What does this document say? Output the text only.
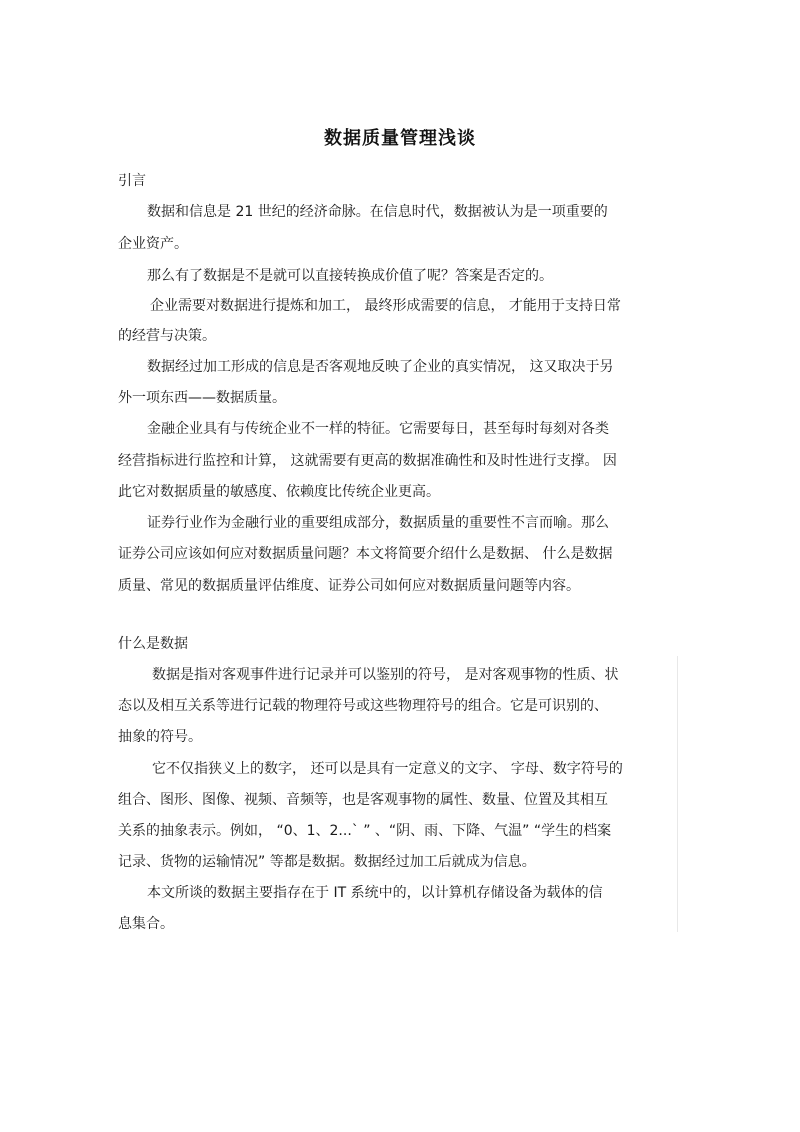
数据质量管理浅谈
引言
数据和信息是 21 世纪的经济命脉。在信息时代，数据被认为是一项重要的
企业资产。
那么有了数据是不是就可以直接转换成价值了呢？答案是否定的。
企业需要对数据进行提炼和加工， 最终形成需要的信息， 才能用于支持日常
的经营与决策。
数据经过加工形成的信息是否客观地反映了企业的真实情况， 这又取决于另
外一项东西——数据质量。
金融企业具有与传统企业不一样的特征。它需要每日，甚至每时每刻对各类
经营指标进行监控和计算， 这就需要有更高的数据准确性和及时性进行支撑。 因
此它对数据质量的敏感度、依赖度比传统企业更高。
证券行业作为金融行业的重要组成部分，数据质量的重要性不言而喻。那么
证券公司应该如何应对数据质量问题？本文将简要介绍什么是数据、 什么是数据
质量、常见的数据质量评估维度、证券公司如何应对数据质量问题等内容。
什么是数据
数据是指对客观事件进行记录并可以鉴别的符号， 是对客观事物的性质、状
态以及相互关系等进行记载的物理符号或这些物理符号的组合。它是可识别的、
抽象的符号。
它不仅指狭义上的数字， 还可以是具有一定意义的文字、 字母、数字符号的
组合、图形、图像、视频、音频等，也是客观事物的属性、数量、位置及其相互
关系的抽象表示。例如， “0、1、2...` ” 、“阴、雨、下降、气温” “学生的档案
记录、货物的运输情况” 等都是数据。数据经过加工后就成为信息。
本文所谈的数据主要指存在于 IT 系统中的，以计算机存储设备为载体的信
息集合。
